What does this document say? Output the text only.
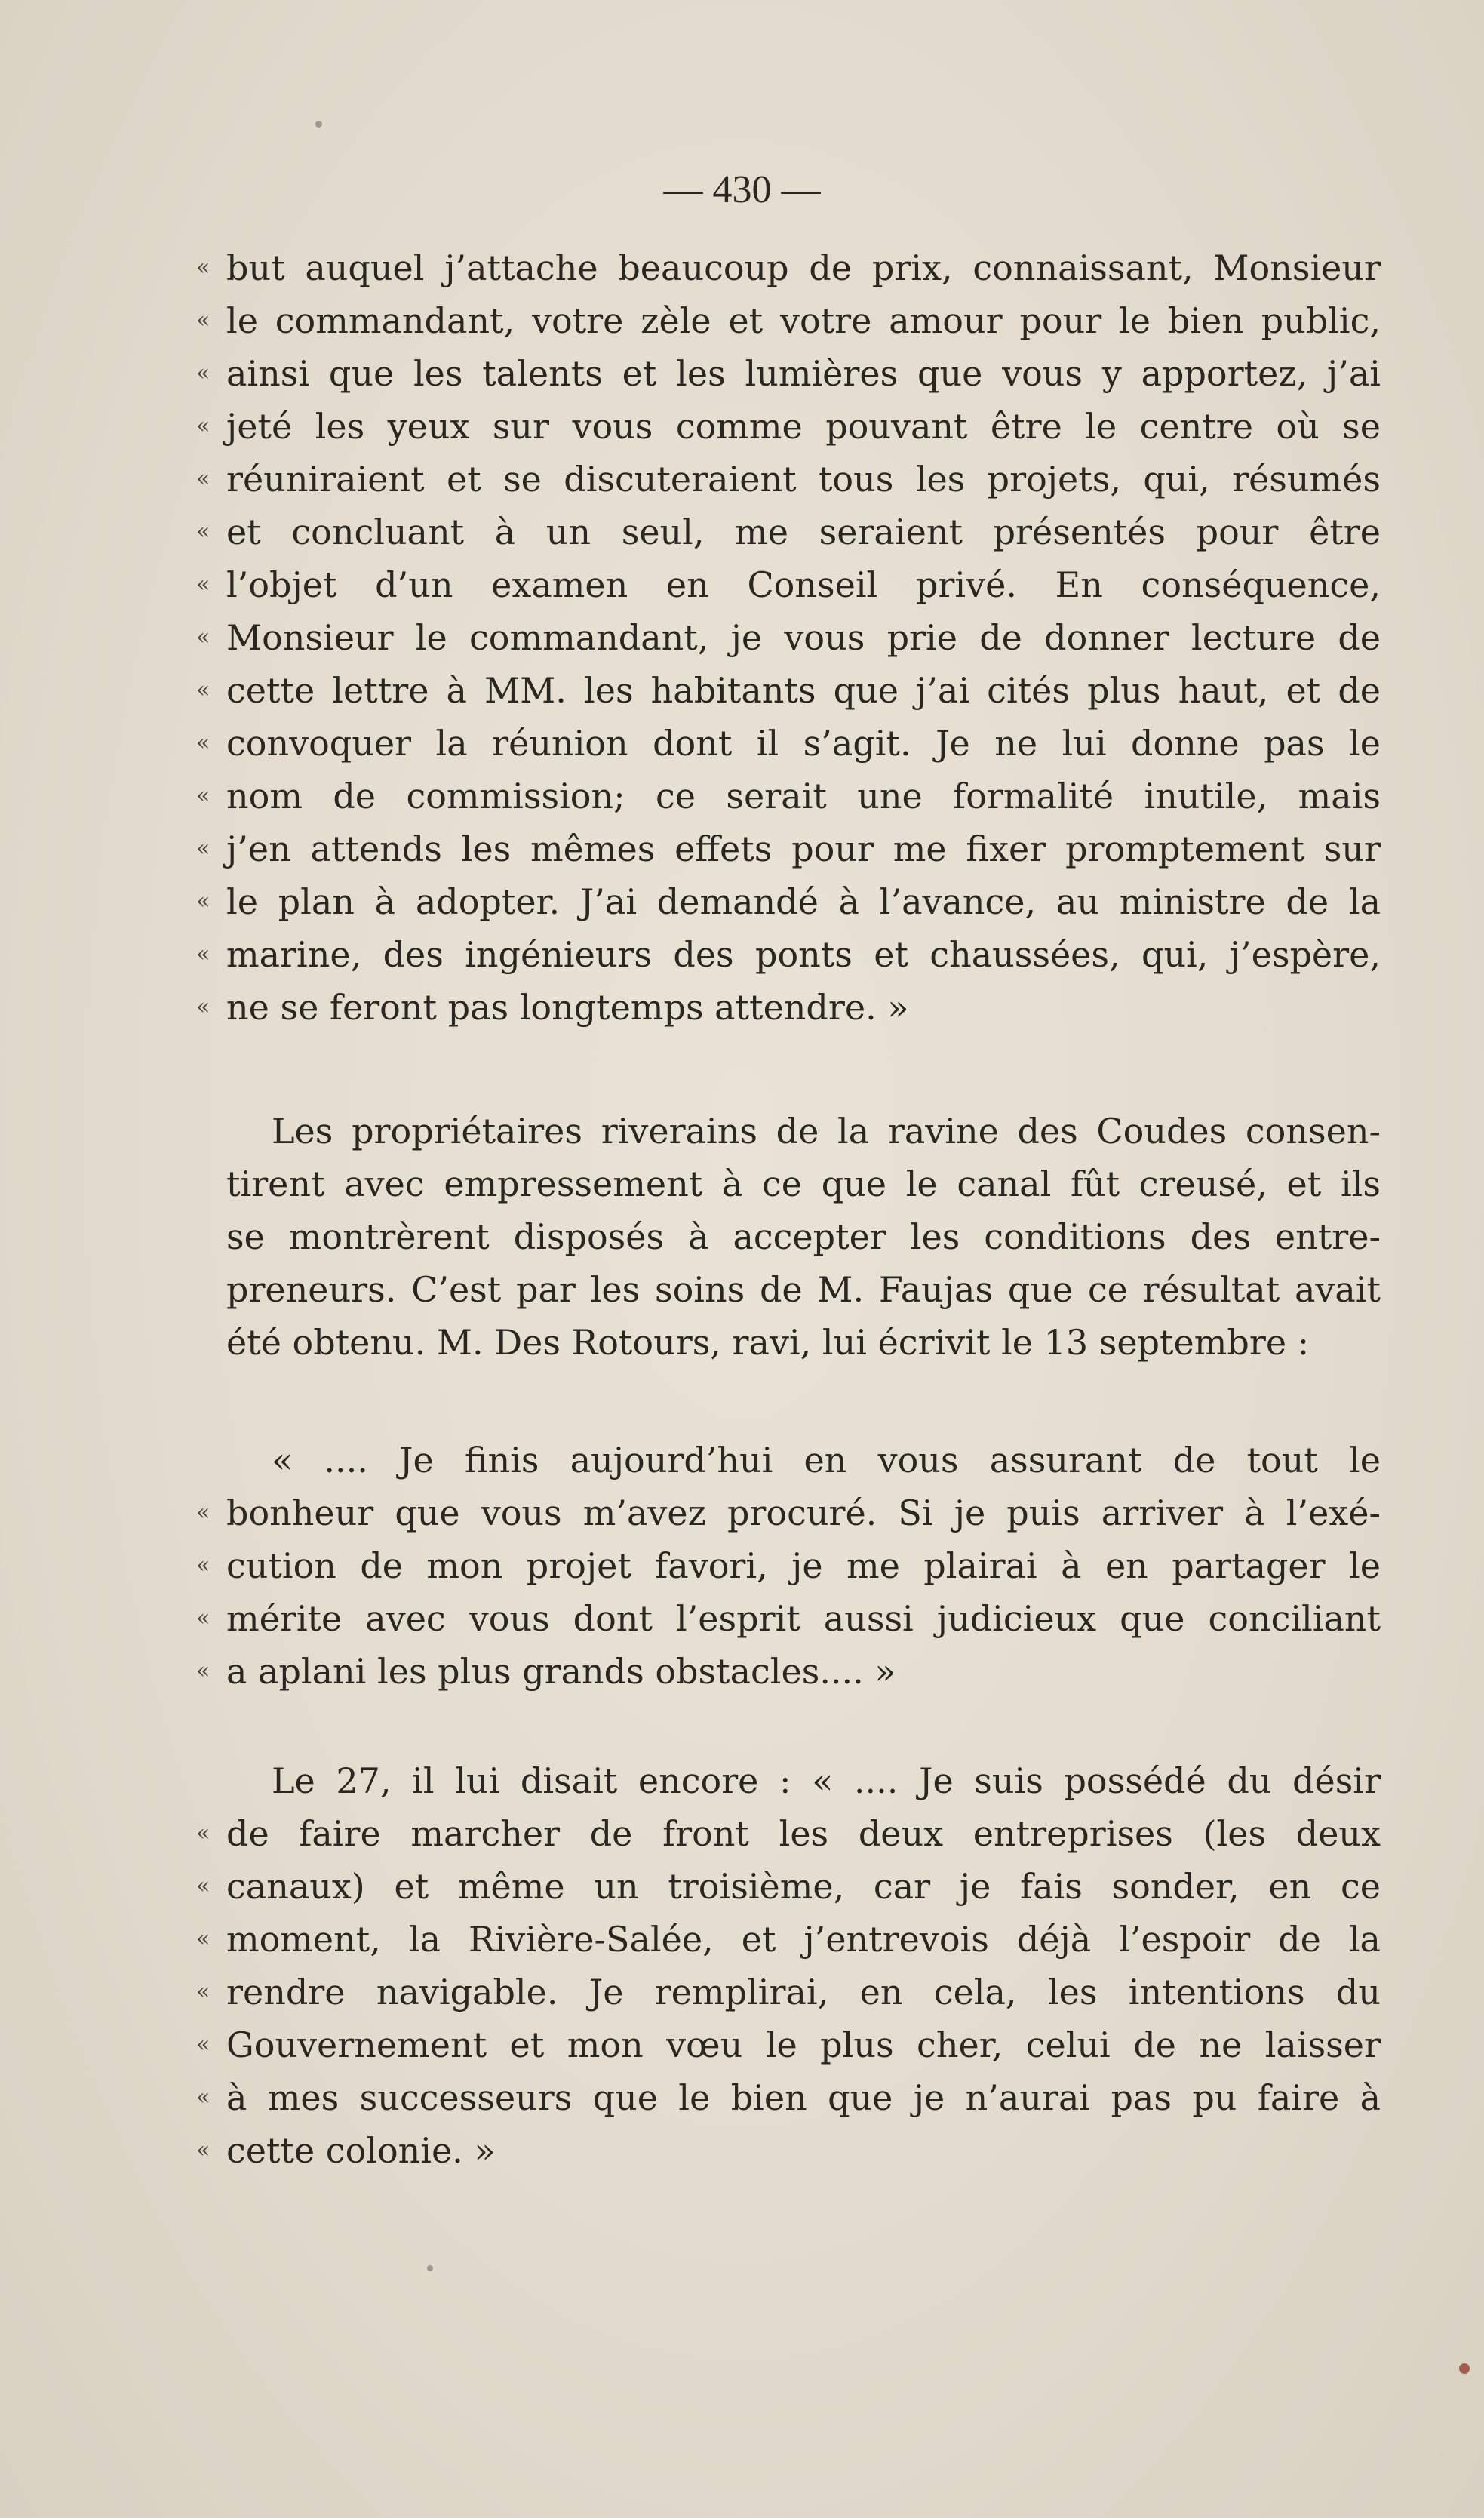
— 430 —
« but auquel j’attache beaucoup de prix, connaissant, Monsieur
« le commandant, votre zèle et votre amour pour le bien public,
« ainsi que les talents et les lumières que vous y apportez, j’ai
« jeté les yeux sur vous comme pouvant être le centre où se
« réuniraient et se discuteraient tous les projets, qui, résumés
« et concluant à un seul, me seraient présentés pour être
« l’objet d’un examen en Conseil privé. En conséquence,
« Monsieur le commandant, je vous prie de donner lecture de
« cette lettre à MM. les habitants que j’ai cités plus haut, et de
« convoquer la réunion dont il s’agit. Je ne lui donne pas le
« nom de commission; ce serait une formalité inutile, mais
« j’en attends les mêmes effets pour me fixer promptement sur
« le plan à adopter. J’ai demandé à l’avance, au ministre de la
« marine, des ingénieurs des ponts et chaussées, qui, j’espère,
« ne se feront pas longtemps attendre. »
Les propriétaires riverains de la ravine des Coudes consen-
tirent avec empressement à ce que le canal fût creusé, et ils
se montrèrent disposés à accepter les conditions des entre-
preneurs. C’est par les soins de M. Faujas que ce résultat avait
été obtenu. M. Des Rotours, ravi, lui écrivit le 13 septembre :
« .... Je finis aujourd’hui en vous assurant de tout le
« bonheur que vous m’avez procuré. Si je puis arriver à l’exé-
« cution de mon projet favori, je me plairai à en partager le
« mérite avec vous dont l’esprit aussi judicieux que conciliant
« a aplani les plus grands obstacles.... »
Le 27, il lui disait encore : « .... Je suis possédé du désir
« de faire marcher de front les deux entreprises (les deux
« canaux) et même un troisième, car je fais sonder, en ce
« moment, la Rivière-Salée, et j’entrevois déjà l’espoir de la
« rendre navigable. Je remplirai, en cela, les intentions du
« Gouvernement et mon vœu le plus cher, celui de ne laisser
« à mes successeurs que le bien que je n’aurai pas pu faire à
« cette colonie. »
